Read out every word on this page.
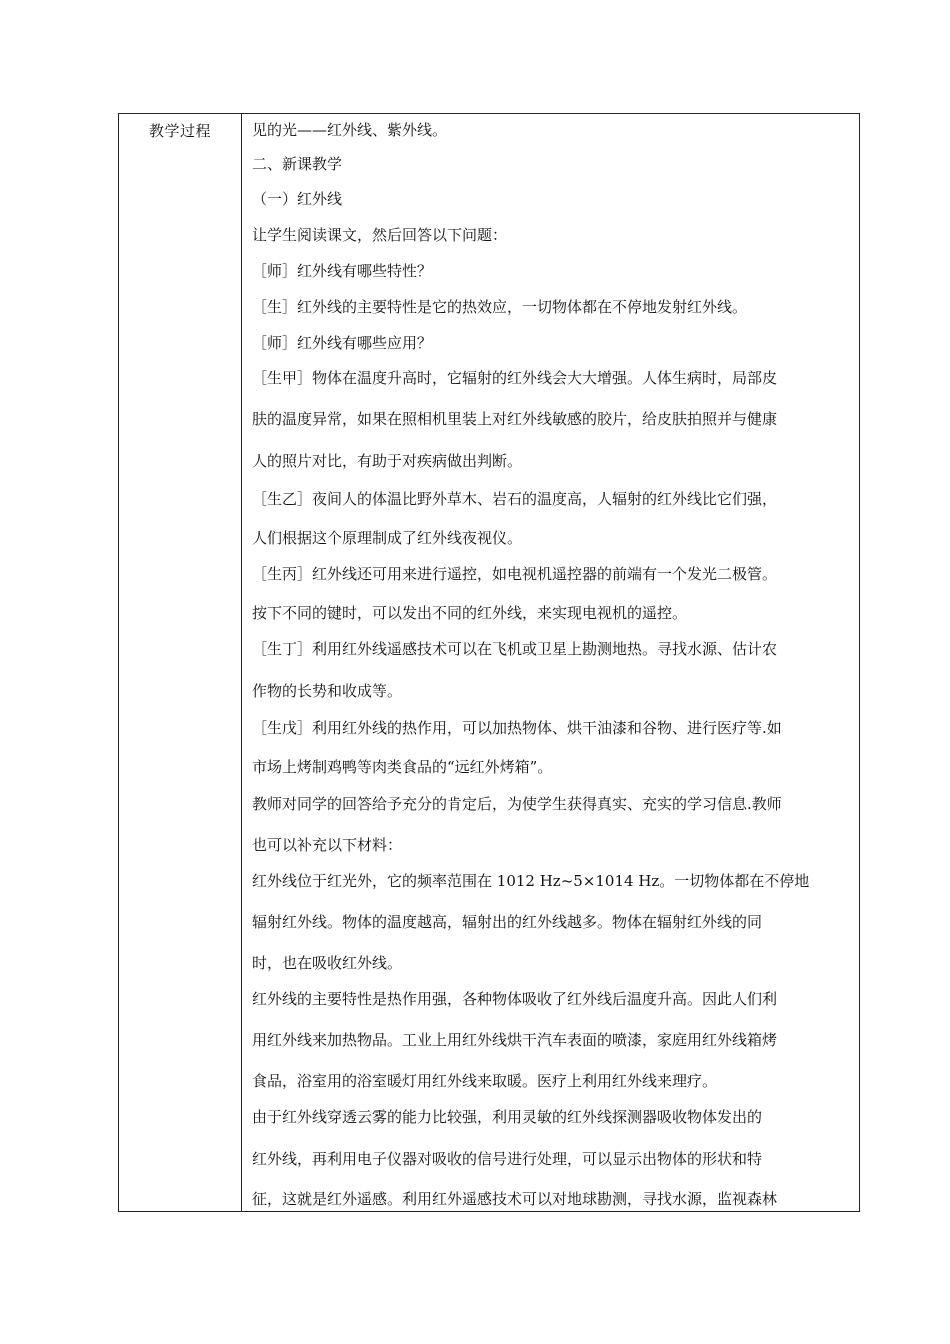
教学过程	见的光——红外线、紫外线。
二、新课教学
（一）红外线
让学生阅读课文，然后回答以下问题：
［师］红外线有哪些特性？
［生］红外线的主要特性是它的热效应，一切物体都在不停地发射红外线。
［师］红外线有哪些应用？
［生甲］物体在温度升高时，它辐射的红外线会大大增强。人体生病时，局部皮
肤的温度异常，如果在照相机里装上对红外线敏感的胶片，给皮肤拍照并与健康
人的照片对比，有助于对疾病做出判断。
［生乙］夜间人的体温比野外草木、岩石的温度高，人辐射的红外线比它们强，
人们根据这个原理制成了红外线夜视仪。
［生丙］红外线还可用来进行遥控，如电视机遥控器的前端有一个发光二极管。
按下不同的键时，可以发出不同的红外线，来实现电视机的遥控。
［生丁］利用红外线遥感技术可以在飞机或卫星上勘测地热。寻找水源、估计农
作物的长势和收成等。
［生戊］利用红外线的热作用，可以加热物体、烘干油漆和谷物、进行医疗等.如
市场上烤制鸡鸭等肉类食品的“远红外烤箱”。
教师对同学的回答给予充分的肯定后，为使学生获得真实、充实的学习信息.教师
也可以补充以下材料：
红外线位于红光外，它的频率范围在 1012 Hz~5×1014 Hz。一切物体都在不停地
辐射红外线。物体的温度越高，辐射出的红外线越多。物体在辐射红外线的同
时，也在吸收红外线。
红外线的主要特性是热作用强，各种物体吸收了红外线后温度升高。因此人们利
用红外线来加热物品。工业上用红外线烘干汽车表面的喷漆，家庭用红外线箱烤
食品，浴室用的浴室暖灯用红外线来取暖。医疗上利用红外线来理疗。
由于红外线穿透云雾的能力比较强，利用灵敏的红外线探测器吸收物体发出的
红外线，再利用电子仪器对吸收的信号进行处理，可以显示出物体的形状和特
征，这就是红外遥感。利用红外遥感技术可以对地球勘测，寻找水源，监视森林
